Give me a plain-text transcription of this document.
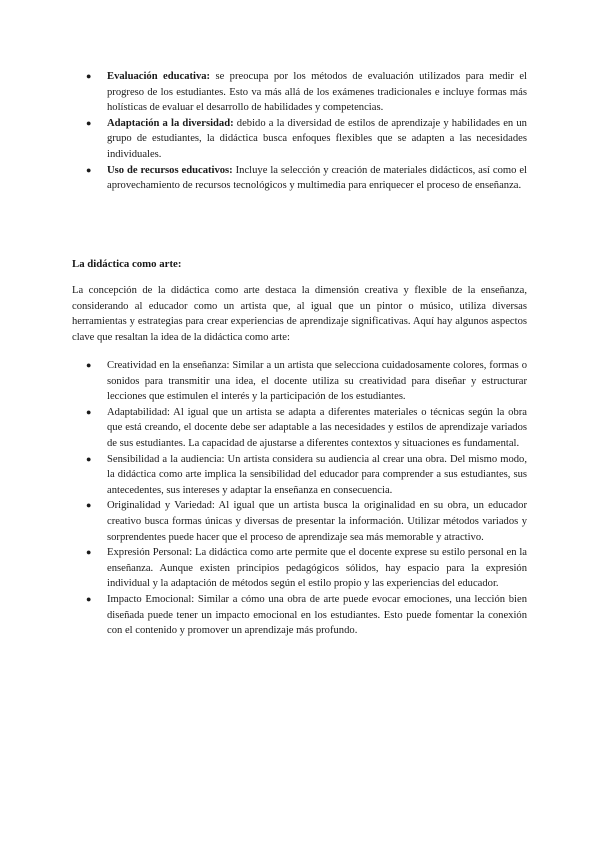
● Evaluación educativa: se preocupa por los métodos de evaluación utilizados para medir el progreso de los estudiantes. Esto va más allá de los exámenes tradicionales e incluye formas más holísticas de evaluar el desarrollo de habilidades y competencias.
● Adaptación a la diversidad: debido a la diversidad de estilos de aprendizaje y habilidades en un grupo de estudiantes, la didáctica busca enfoques flexibles que se adapten a las necesidades individuales.
● Uso de recursos educativos: Incluye la selección y creación de materiales didácticos, así como el aprovechamiento de recursos tecnológicos y multimedia para enriquecer el proceso de enseñanza.

La didáctica como arte:

La concepción de la didáctica como arte destaca la dimensión creativa y flexible de la enseñanza, considerando al educador como un artista que, al igual que un pintor o músico, utiliza diversas herramientas y estrategias para crear experiencias de aprendizaje significativas. Aquí hay algunos aspectos clave que resaltan la idea de la didáctica como arte:

● Creatividad en la enseñanza: Similar a un artista que selecciona cuidadosamente colores, formas o sonidos para transmitir una idea, el docente utiliza su creatividad para diseñar y estructurar lecciones que estimulen el interés y la participación de los estudiantes.
● Adaptabilidad: Al igual que un artista se adapta a diferentes materiales o técnicas según la obra que está creando, el docente debe ser adaptable a las necesidades y estilos de aprendizaje variados de sus estudiantes. La capacidad de ajustarse a diferentes contextos y situaciones es fundamental.
● Sensibilidad a la audiencia: Un artista considera su audiencia al crear una obra. Del mismo modo, la didáctica como arte implica la sensibilidad del educador para comprender a sus estudiantes, sus antecedentes, sus intereses y adaptar la enseñanza en consecuencia.
● Originalidad y Variedad: Al igual que un artista busca la originalidad en su obra, un educador creativo busca formas únicas y diversas de presentar la información. Utilizar métodos variados y sorprendentes puede hacer que el proceso de aprendizaje sea más memorable y atractivo.
● Expresión Personal: La didáctica como arte permite que el docente exprese su estilo personal en la enseñanza. Aunque existen principios pedagógicos sólidos, hay espacio para la expresión individual y la adaptación de métodos según el estilo propio y las experiencias del educador.
● Impacto Emocional: Similar a cómo una obra de arte puede evocar emociones, una lección bien diseñada puede tener un impacto emocional en los estudiantes. Esto puede fomentar la conexión con el contenido y promover un aprendizaje más profundo.
